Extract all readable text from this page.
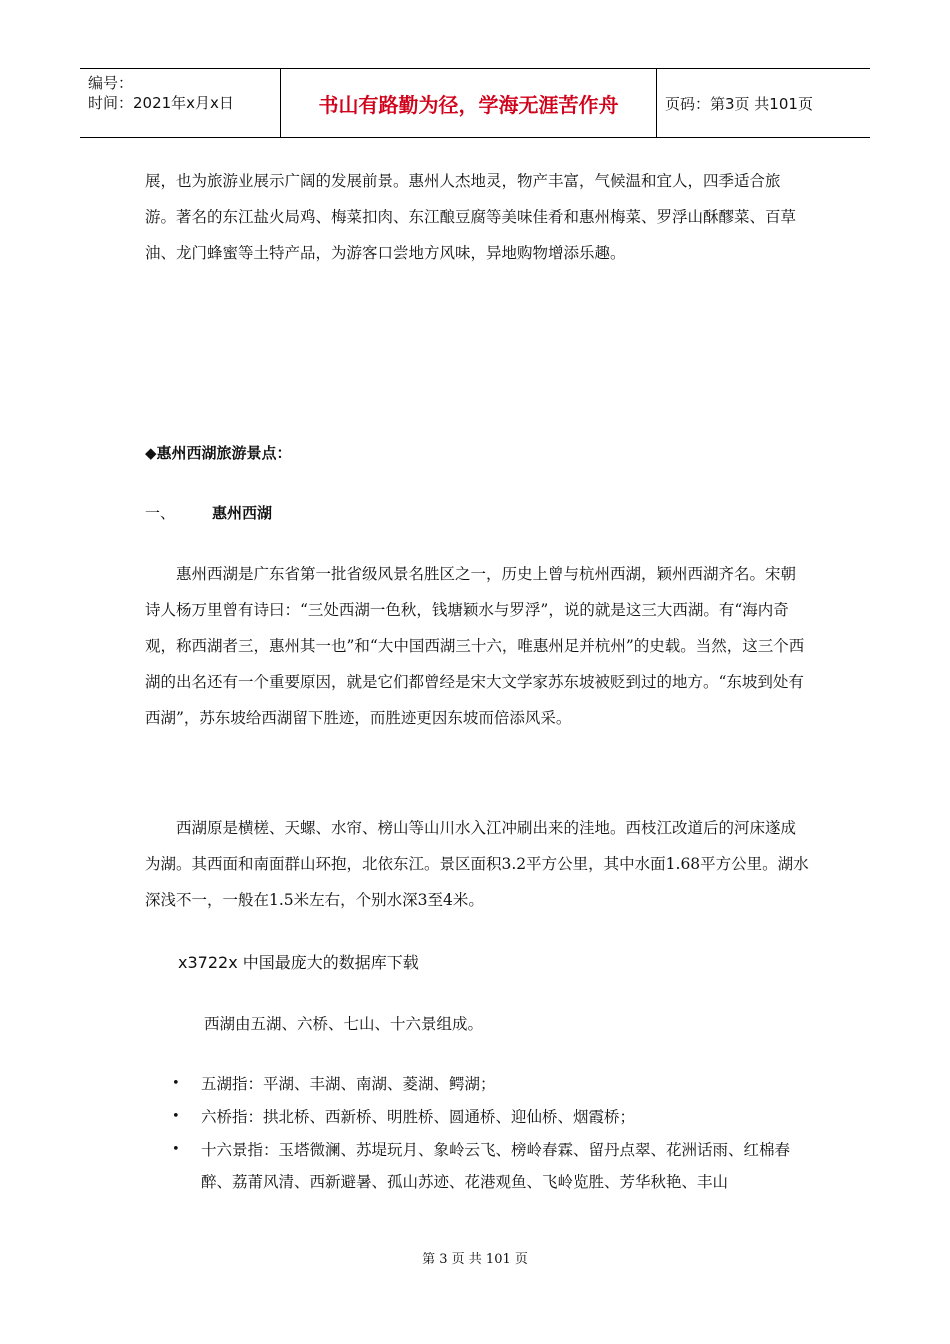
编号：
时间：2021年x月x日	书山有路勤为径，学海无涯苦作舟	页码：第3页 共101页

展，也为旅游业展示广阔的发展前景。惠州人杰地灵，物产丰富，气候温和宜人，四季适合旅游。著名的东江盐火局鸡、梅菜扣肉、东江酿豆腐等美味佳肴和惠州梅菜、罗浮山酥醪菜、百草油、龙门蜂蜜等土特产品，为游客口尝地方风味，异地购物增添乐趣。

◆惠州西湖旅游景点：
一、	惠州西湖

惠州西湖是广东省第一批省级风景名胜区之一，历史上曾与杭州西湖，颖州西湖齐名。宋朝诗人杨万里曾有诗曰：“三处西湖一色秋，钱塘颖水与罗浮”，说的就是这三大西湖。有“海内奇观，称西湖者三，惠州其一也”和“大中国西湖三十六，唯惠州足并杭州”的史载。当然，这三个西湖的出名还有一个重要原因，就是它们都曾经是宋大文学家苏东坡被贬到过的地方。“东坡到处有西湖”，苏东坡给西湖留下胜迹，而胜迹更因东坡而倍添风采。

西湖原是横槎、天螺、水帘、榜山等山川水入江冲刷出来的洼地。西枝江改道后的河床遂成为湖。其西面和南面群山环抱，北依东江。景区面积3.2平方公里，其中水面1.68平方公里。湖水深浅不一，一般在1.5米左右，个别水深3至4米。

x3722x 中国最庞大的数据库下载
西湖由五湖、六桥、七山、十六景组成。
• 五湖指：平湖、丰湖、南湖、菱湖、鳄湖；
• 六桥指：拱北桥、西新桥、明胜桥、圆通桥、迎仙桥、烟霞桥；
• 十六景指：玉塔微澜、苏堤玩月、象岭云飞、榜岭春霖、留丹点翠、花洲话雨、红棉春醉、荔莆风清、西新避暑、孤山苏迹、花港观鱼、飞岭览胜、芳华秋艳、丰山
第 3 页 共 101 页
